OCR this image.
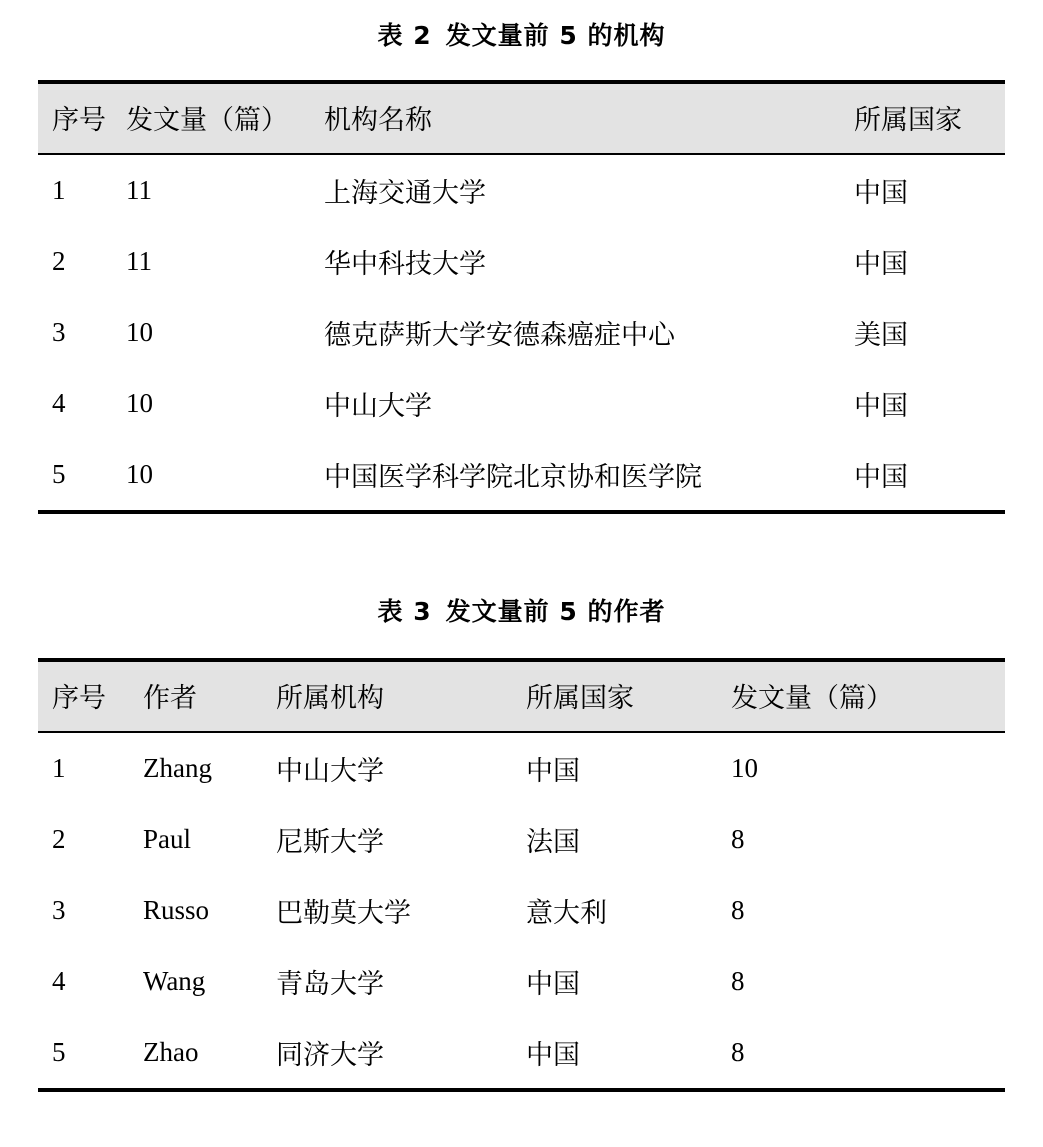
表 2 发文量前 5 的机构
序号	发文量（篇）	机构名称	所属国家
1	11	上海交通大学	中国
2	11	华中科技大学	中国
3	10	德克萨斯大学安德森癌症中心	美国
4	10	中山大学	中国
5	10	中国医学科学院北京协和医学院	中国
表 3 发文量前 5 的作者
序号	作者	所属机构	所属国家	发文量（篇）
1	Zhang	中山大学	中国	10
2	Paul	尼斯大学	法国	8
3	Russo	巴勒莫大学	意大利	8
4	Wang	青岛大学	中国	8
5	Zhao	同济大学	中国	8
